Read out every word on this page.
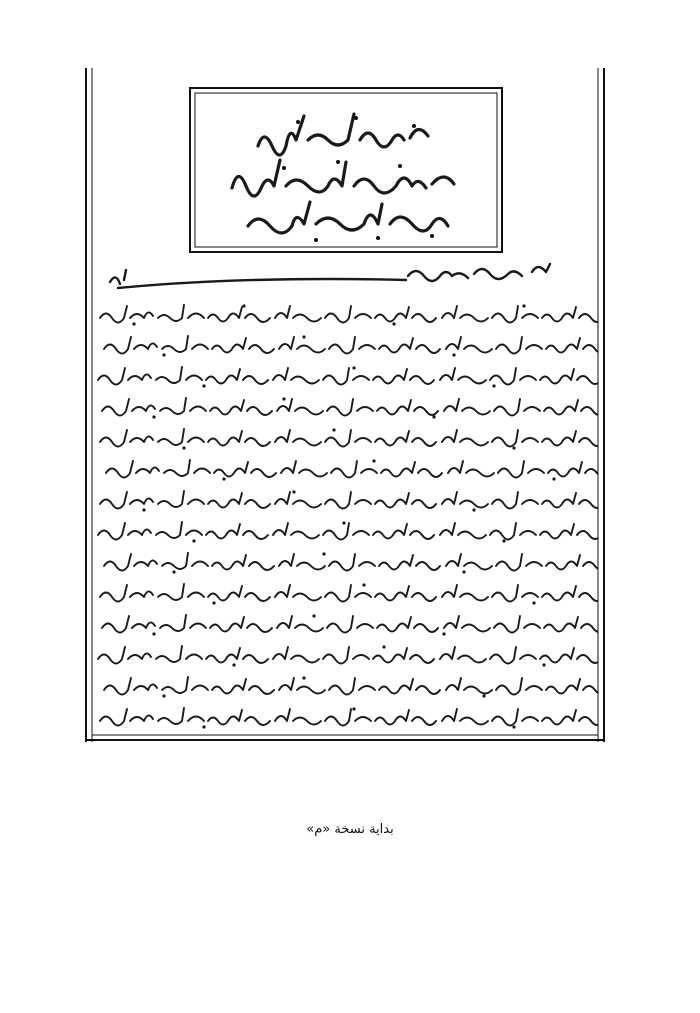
بداية نسخة «م»
